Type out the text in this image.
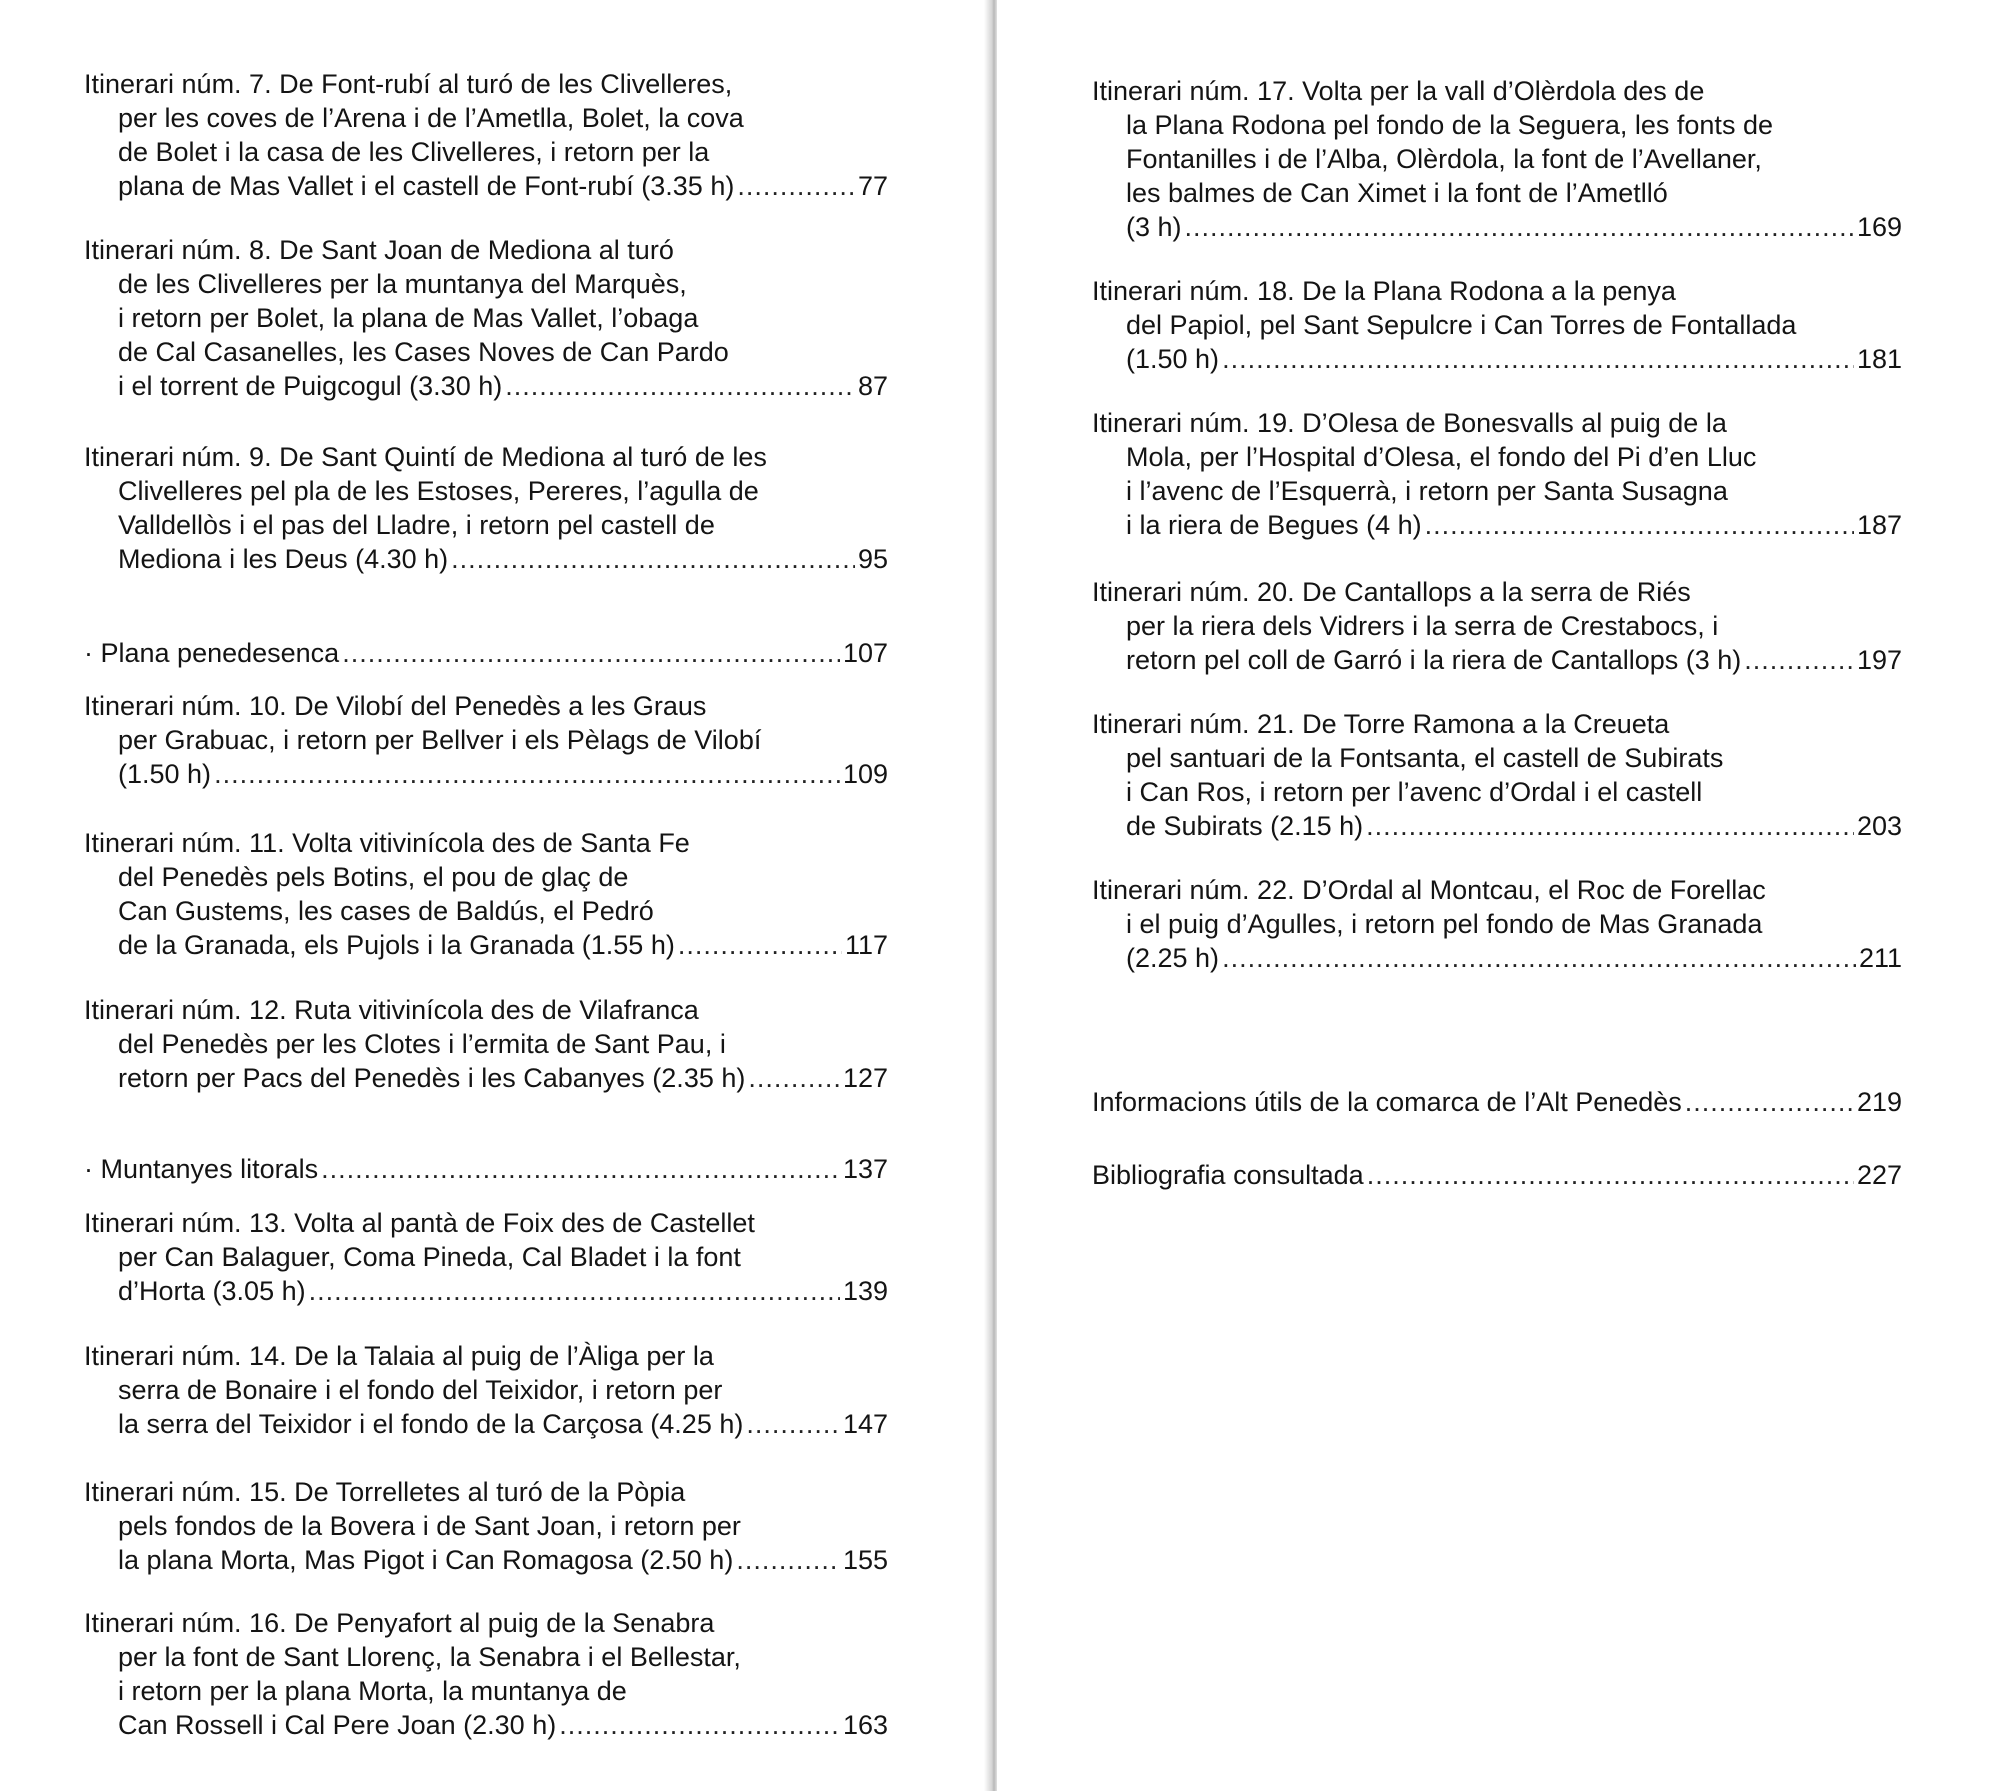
Itinerari núm. 7. De Font-rubí al turó de les Clivelleres,
per les coves de l’Arena i de l’Ametlla, Bolet, la cova
de Bolet i la casa de les Clivelleres, i retorn per la
plana de Mas Vallet i el castell de Font-rubí (3.35 h) .....	77
Itinerari núm. 8. De Sant Joan de Mediona al turó
de les Clivelleres per la muntanya del Marquès,
i retorn per Bolet, la plana de Mas Vallet, l’obaga
de Cal Casanelles, les Cases Noves de Can Pardo
i el torrent de Puigcogul (3.30 h) .....	87
Itinerari núm. 9. De Sant Quintí de Mediona al turó de les
Clivelleres pel pla de les Estoses, Pereres, l’agulla de
Valldellòs i el pas del Lladre, i retorn pel castell de
Mediona i les Deus (4.30 h) .....	95
· Plana penedesenca .....	107
Itinerari núm. 10. De Vilobí del Penedès a les Graus
per Grabuac, i retorn per Bellver i els Pèlags de Vilobí
(1.50 h) .....	109
Itinerari núm. 11. Volta vitivinícola des de Santa Fe
del Penedès pels Botins, el pou de glaç de
Can Gustems, les cases de Baldús, el Pedró
de la Granada, els Pujols i la Granada (1.55 h) .....	117
Itinerari núm. 12. Ruta vitivinícola des de Vilafranca
del Penedès per les Clotes i l’ermita de Sant Pau, i
retorn per Pacs del Penedès i les Cabanyes (2.35 h) .....	127
· Muntanyes litorals .....	137
Itinerari núm. 13. Volta al pantà de Foix des de Castellet
per Can Balaguer, Coma Pineda, Cal Bladet i la font
d’Horta (3.05 h) .....	139
Itinerari núm. 14. De la Talaia al puig de l’Àliga per la
serra de Bonaire i el fondo del Teixidor, i retorn per
la serra del Teixidor i el fondo de la Carçosa (4.25 h) .....	147
Itinerari núm. 15. De Torrelletes al turó de la Pòpia
pels fondos de la Bovera i de Sant Joan, i retorn per
la plana Morta, Mas Pigot i Can Romagosa (2.50 h) .....	155
Itinerari núm. 16. De Penyafort al puig de la Senabra
per la font de Sant Llorenç, la Senabra i el Bellestar,
i retorn per la plana Morta, la muntanya de
Can Rossell i Cal Pere Joan (2.30 h) .....	163
Itinerari núm. 17. Volta per la vall d’Olèrdola des de
la Plana Rodona pel fondo de la Seguera, les fonts de
Fontanilles i de l’Alba, Olèrdola, la font de l’Avellaner,
les balmes de Can Ximet i la font de l’Ametlló
(3 h) .....	169
Itinerari núm. 18. De la Plana Rodona a la penya
del Papiol, pel Sant Sepulcre i Can Torres de Fontallada
(1.50 h) .....	181
Itinerari núm. 19. D’Olesa de Bonesvalls al puig de la
Mola, per l’Hospital d’Olesa, el fondo del Pi d’en Lluc
i l’avenc de l’Esquerrà, i retorn per Santa Susagna
i la riera de Begues (4 h) .....	187
Itinerari núm. 20. De Cantallops a la serra de Riés
per la riera dels Vidrers i la serra de Crestabocs, i
retorn pel coll de Garró i la riera de Cantallops (3 h) .....	197
Itinerari núm. 21. De Torre Ramona a la Creueta
pel santuari de la Fontsanta, el castell de Subirats
i Can Ros, i retorn per l’avenc d’Ordal i el castell
de Subirats (2.15 h) .....	203
Itinerari núm. 22. D’Ordal al Montcau, el Roc de Forellac
i el puig d’Agulles, i retorn pel fondo de Mas Granada
(2.25 h) .....	211
Informacions útils de la comarca de l’Alt Penedès .....	219
Bibliografia consultada .....	227
